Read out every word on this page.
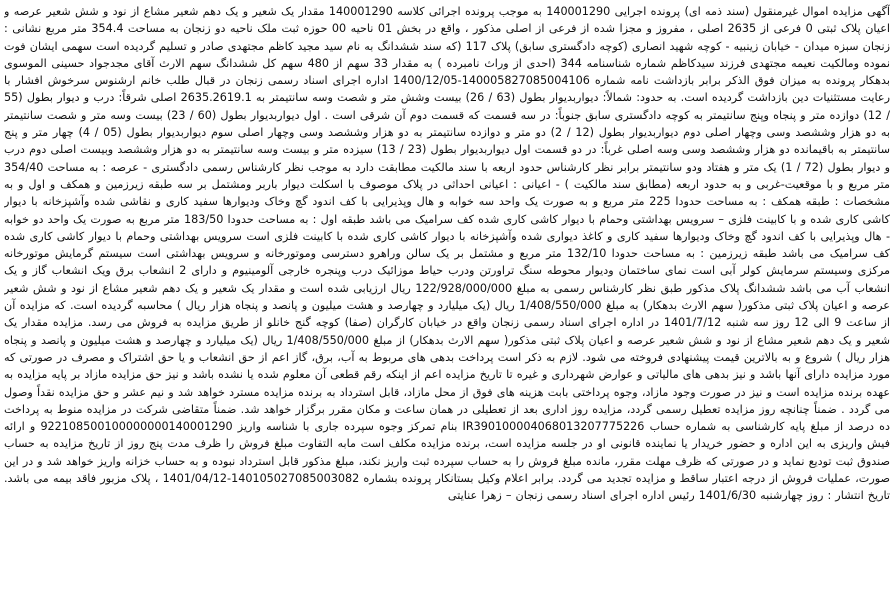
آگهی مزایده اموال غیرمنقول (سند ذمه ای) پرونده اجرایی 140001290 به موجب پرونده اجرائی کلاسه 140001290 مقدار یک شعیر و یک دهم شعیر مشاع از نود و شش شعیر عرصه و اعیان پلاک ثبتی 0 فرعی از 2635 اصلی ، مفروز و مجزا شده از فرعی از اصلی مذکور ، واقع در بخش 01 ناحیه 00 حوزه ثبت ملک ناحیه دو زنجان به مساحت 354.4 متر مربع نشانی : زنجان سبزه میدان - خیابان زینبیه - کوچه شهید انصاری (کوچه دادگستری سابق) پلاک 117 (که سند ششدانگ به نام سید مجید کاظم مجتهدی صادر و تسلیم گردیده است سهمی ایشان فوت نموده ومالکیت نعیمه مجتهدی فرزند سیدکاظم شماره شناسنامه 344 (احدی از وراث نامبرده ) به مقدار 33 سهم از 480 سهم کل ششدانگ سهم الارث آقای مجدجواد حسینی الموسوی بدهکار پرونده به میزان فوق الذکر برابر بازداشت نامه شماره 140005827085004106-1400/12/05 اداره اجرای اسناد رسمی زنجان در قبال طلب خانم ارشنوس سرخوش افشار با رعایت مستثنیات دین بازداشت گردیده است. به حدود: شمالاً: دیواربدیوار بطول (63 / 26) بیست وشش متر و شصت وسه سانتیمتر به 2635.2619.1 اصلی شرقاً: درب و دیوار بطول (55 / 12) دوازده متر و پنجاه وپنج سانتیمتر به کوچه دادگستری سابق جنوباً: در سه قسمت که قسمت دوم آن شرقی است . اول دیواربدیوار بطول (60 / 23) بیست وسه متر و شصت سانتیمتر به دو هزار وششصد وسی وچهار اصلی دوم دیواربدیوار بطول (12 / 2) دو متر و دوازده سانتیمتر به دو هزار وششصد وسی وچهار اصلی سوم دیواربدیوار بطول (05 / 4) چهار متر و پنج سانتیمتر به باقیمانده دو هزار وششصد وسی وسه اصلی غرباً: در دو قسمت اول دیواربدیوار بطول (23 / 13) سیزده متر و بیست وسه سانتیمتر به دو هزار وششصد وبیست اصلی دوم درب و دیوار بطول (72 / 1) یک متر و هفتاد ودو سانتیمتر برابر نظر کارشناس حدود اربعه با سند مالکیت مطابقت دارد به موجب نظر کارشناس رسمی دادگستری - عرصه : به مساحت 354/40 متر مربع و با موقعیت-غربی و به حدود اربعه (مطابق سند مالکیت ) - اعیانی : اعیانی احداثی در پلاک موصوف با اسکلت دیوار باربر ومشتمل بر سه طبقه زیرزمین و همکف و اول و به مشخصات : طبقه همکف : به مساحت حدودا 225 متر مربع و به صورت یک واحد سه خوابه و هال وپذیرایی با کف اندود گچ وخاک ودیوارها سفید کاری و نقاشی شده وآشپزخانه با دیوار کاشی کاری شده و با کابینت فلزی – سرویس بهداشتی وحمام با دیوار کاشی کاری شده کف سرامیک می باشد طبقه اول : به مساحت حدودا 183/50 متر مربع به صورت یک واحد دو خوابه - هال وپذیرایی با کف اندود گچ وخاک ودیوارها سفید کاری و کاغذ دیواری شده وآشپزخانه با دیوار کاشی کاری شده با کابینت فلزی است سرویس بهداشتی وحمام با دیوار کاشی کاری شده کف سرامیک می باشد طبقه زیرزمین : به مساحت حدودا 132/10 متر مربع و مشتمل بر یک سالن وراهرو دسترسی وموتورخانه و سرویس بهداشتی است سیستم گرمایش موتورخانه مرکزی وسیستم سرمایش کولر آبی است نمای ساختمان ودیوار محوطه سنگ تراورتن ودرب حیاط موزائیک درب وپنجره خارجی آلومینیوم و دارای 2 انشعاب برق ویک انشعاب گاز و یک انشعاب آب می باشد ششدانگ پلاک مذکور طبق نظر کارشناس رسمی به مبلغ 122/928/000/000 ریال ارزیابی شده است و مقدار یک شعیر و یک دهم شعیر مشاع از نود و شش شعیر عرصه و اعیان پلاک ثبتی مذکور( سهم الارث بدهکار) به مبلغ 1/408/550/000 ریال (یک میلیارد و چهارصد و هشت میلیون و پانصد و پنجاه هزار ریال ) محاسبه گردیده است. که مزایده آن از ساعت 9 الی 12 روز سه شنبه 1401/7/12 در اداره اجرای اسناد رسمی زنجان واقع در خیابان کارگران (صفا) کوچه گنج خانلو از طریق مزایده به فروش می رسد. مزایده مقدار یک شعیر و یک دهم شعیر مشاع از نود و شش شعیر عرصه و اعیان پلاک ثبتی مذکور( سهم الارث بدهکار) از مبلغ 1/408/550/000 ریال (یک میلیارد و چهارصد و هشت میلیون و پانصد و پنجاه هزار ریال ) شروع و به بالاترین قیمت پیشنهادی فروخته می شود. لازم به ذکر است پرداخت بدهی های مربوط به آب، برق، گاز اعم از حق انشعاب و یا حق اشتراک و مصرف در صورتی که مورد مزایده دارای آنها باشد و نیز بدهی های مالیاتی و عوارض شهرداری و غیره تا تاریخ مزایده اعم از اینکه رقم قطعی آن معلوم شده یا نشده باشد و نیز حق مزایده مازاد بر پایه مزایده به عهده برنده مزایده است و نیز در صورت وجود مازاد، وجوه پرداختی بابت هزینه های فوق از محل مازاد، قابل استرداد به برنده مزایده مسترد خواهد شد و نیم عشر و حق مزایده نقداً وصول می گردد . ضمناً چنانچه روز مزایده تعطیل رسمی گردد، مزایده روز اداری بعد از تعطیلی در همان ساعت و مکان مقرر برگزار خواهد شد. ضمناً متقاضی شرکت در مزایده منوط به پرداخت ده درصد از مبلغ پایه کارشناسی به شماره حساب IR390100004068013207775226 بنام تمرکز وجوه سپرده جاری با شناسه واریز 922108500100000000140001290 و ارائه فیش واریزی به این اداره و حضور خریدار یا نماینده قانونی او در جلسه مزایده است، برنده مزایده مکلف است مابه التفاوت مبلغ فروش را ظرف مدت پنج روز از تاریخ مزایده به حساب صندوق ثبت تودیع نماید و در صورتی که ظرف مهلت مقرر، مانده مبلغ فروش را به حساب سپرده ثبت واریز نکند، مبلغ مذکور قابل استرداد نبوده و به حساب خزانه واریز خواهد شد و در این صورت، عملیات فروش از درجه اعتبار ساقط و مزایده تجدید می گردد. برابر اعلام وکیل بستانکار پرونده بشماره 140105027085003082-1401/04/12 ، پلاک مزبور فاقد بیمه می باشد. تاریخ انتشار : روز چهارشنبه 1401/6/30 رئیس اداره اجرای اسناد رسمی زنجان – زهرا عنایتی
